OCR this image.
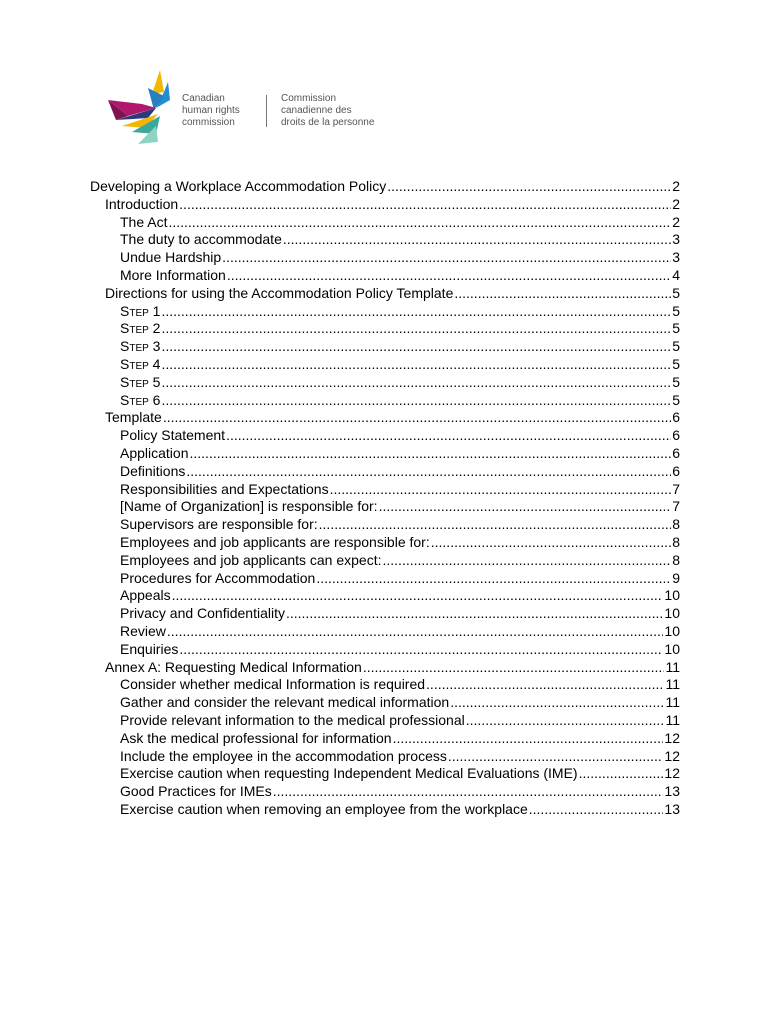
Canadian
human rights
commission
Commission
canadienne des
droits de la personne
Developing a Workplace Accommodation Policy .....	2
Introduction .....	2
The Act .....	2
The duty to accommodate .....	3
Undue Hardship .....	3
More Information .....	4
Directions for using the Accommodation Policy Template .....	5
Step 1 .....	5
Step 2 .....	5
Step 3 .....	5
Step 4 .....	5
Step 5 .....	5
Step 6 .....	5
Template .....	6
Policy Statement .....	6
Application .....	6
Definitions .....	6
Responsibilities and Expectations .....	7
[Name of Organization] is responsible for: .....	7
Supervisors are responsible for: .....	8
Employees and job applicants are responsible for: .....	8
Employees and job applicants can expect: .....	8
Procedures for Accommodation .....	9
Appeals .....	10
Privacy and Confidentiality .....	10
Review .....	10
Enquiries .....	10
Annex A: Requesting Medical Information .....	11
Consider whether medical Information is required .....	11
Gather and consider the relevant medical information .....	11
Provide relevant information to the medical professional .....	11
Ask the medical professional for information .....	12
Include the employee in the accommodation process .....	12
Exercise caution when requesting Independent Medical Evaluations (IME) .....	12
Good Practices for IMEs .....	13
Exercise caution when removing an employee from the workplace .....	13
